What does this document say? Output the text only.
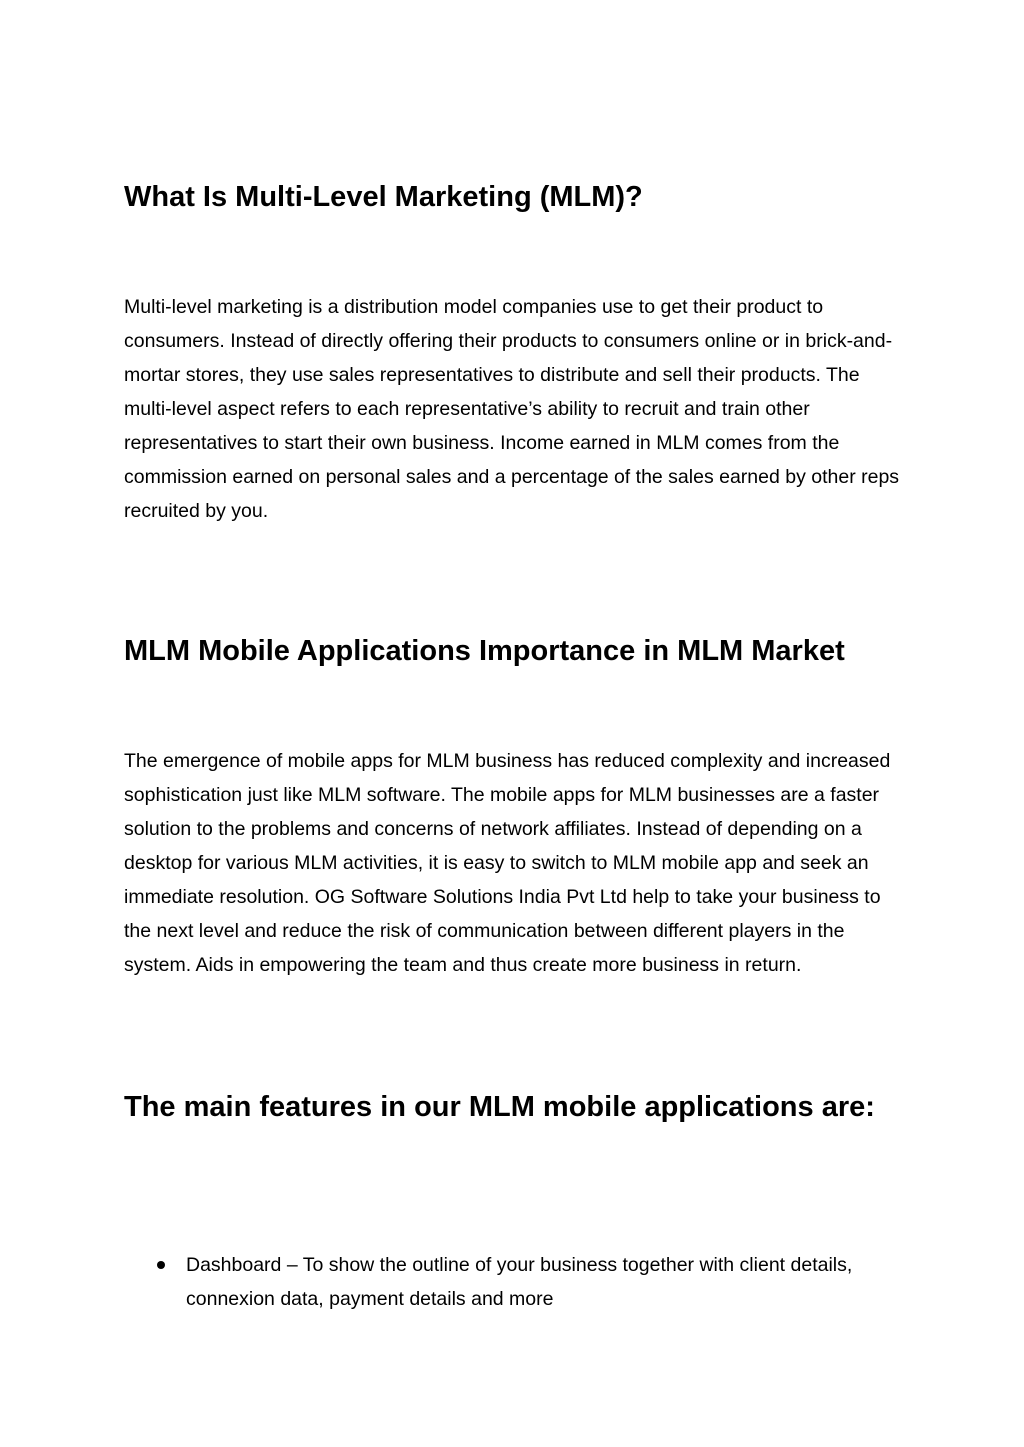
What Is Multi-Level Marketing (MLM)?

Multi-level marketing is a distribution model companies use to get their product to consumers. Instead of directly offering their products to consumers online or in brick-and-mortar stores, they use sales representatives to distribute and sell their products. The multi-level aspect refers to each representative’s ability to recruit and train other representatives to start their own business. Income earned in MLM comes from the commission earned on personal sales and a percentage of the sales earned by other reps recruited by you.

MLM Mobile Applications Importance in MLM Market

The emergence of mobile apps for MLM business has reduced complexity and increased sophistication just like MLM software. The mobile apps for MLM businesses are a faster solution to the problems and concerns of network affiliates. Instead of depending on a desktop for various MLM activities, it is easy to switch to MLM mobile app and seek an immediate resolution. OG Software Solutions India Pvt Ltd help to take your business to the next level and reduce the risk of communication between different players in the system. Aids in empowering the team and thus create more business in return.

The main features in our MLM mobile applications are:
Dashboard – To show the outline of your business together with client details, connexion data, payment details and more
